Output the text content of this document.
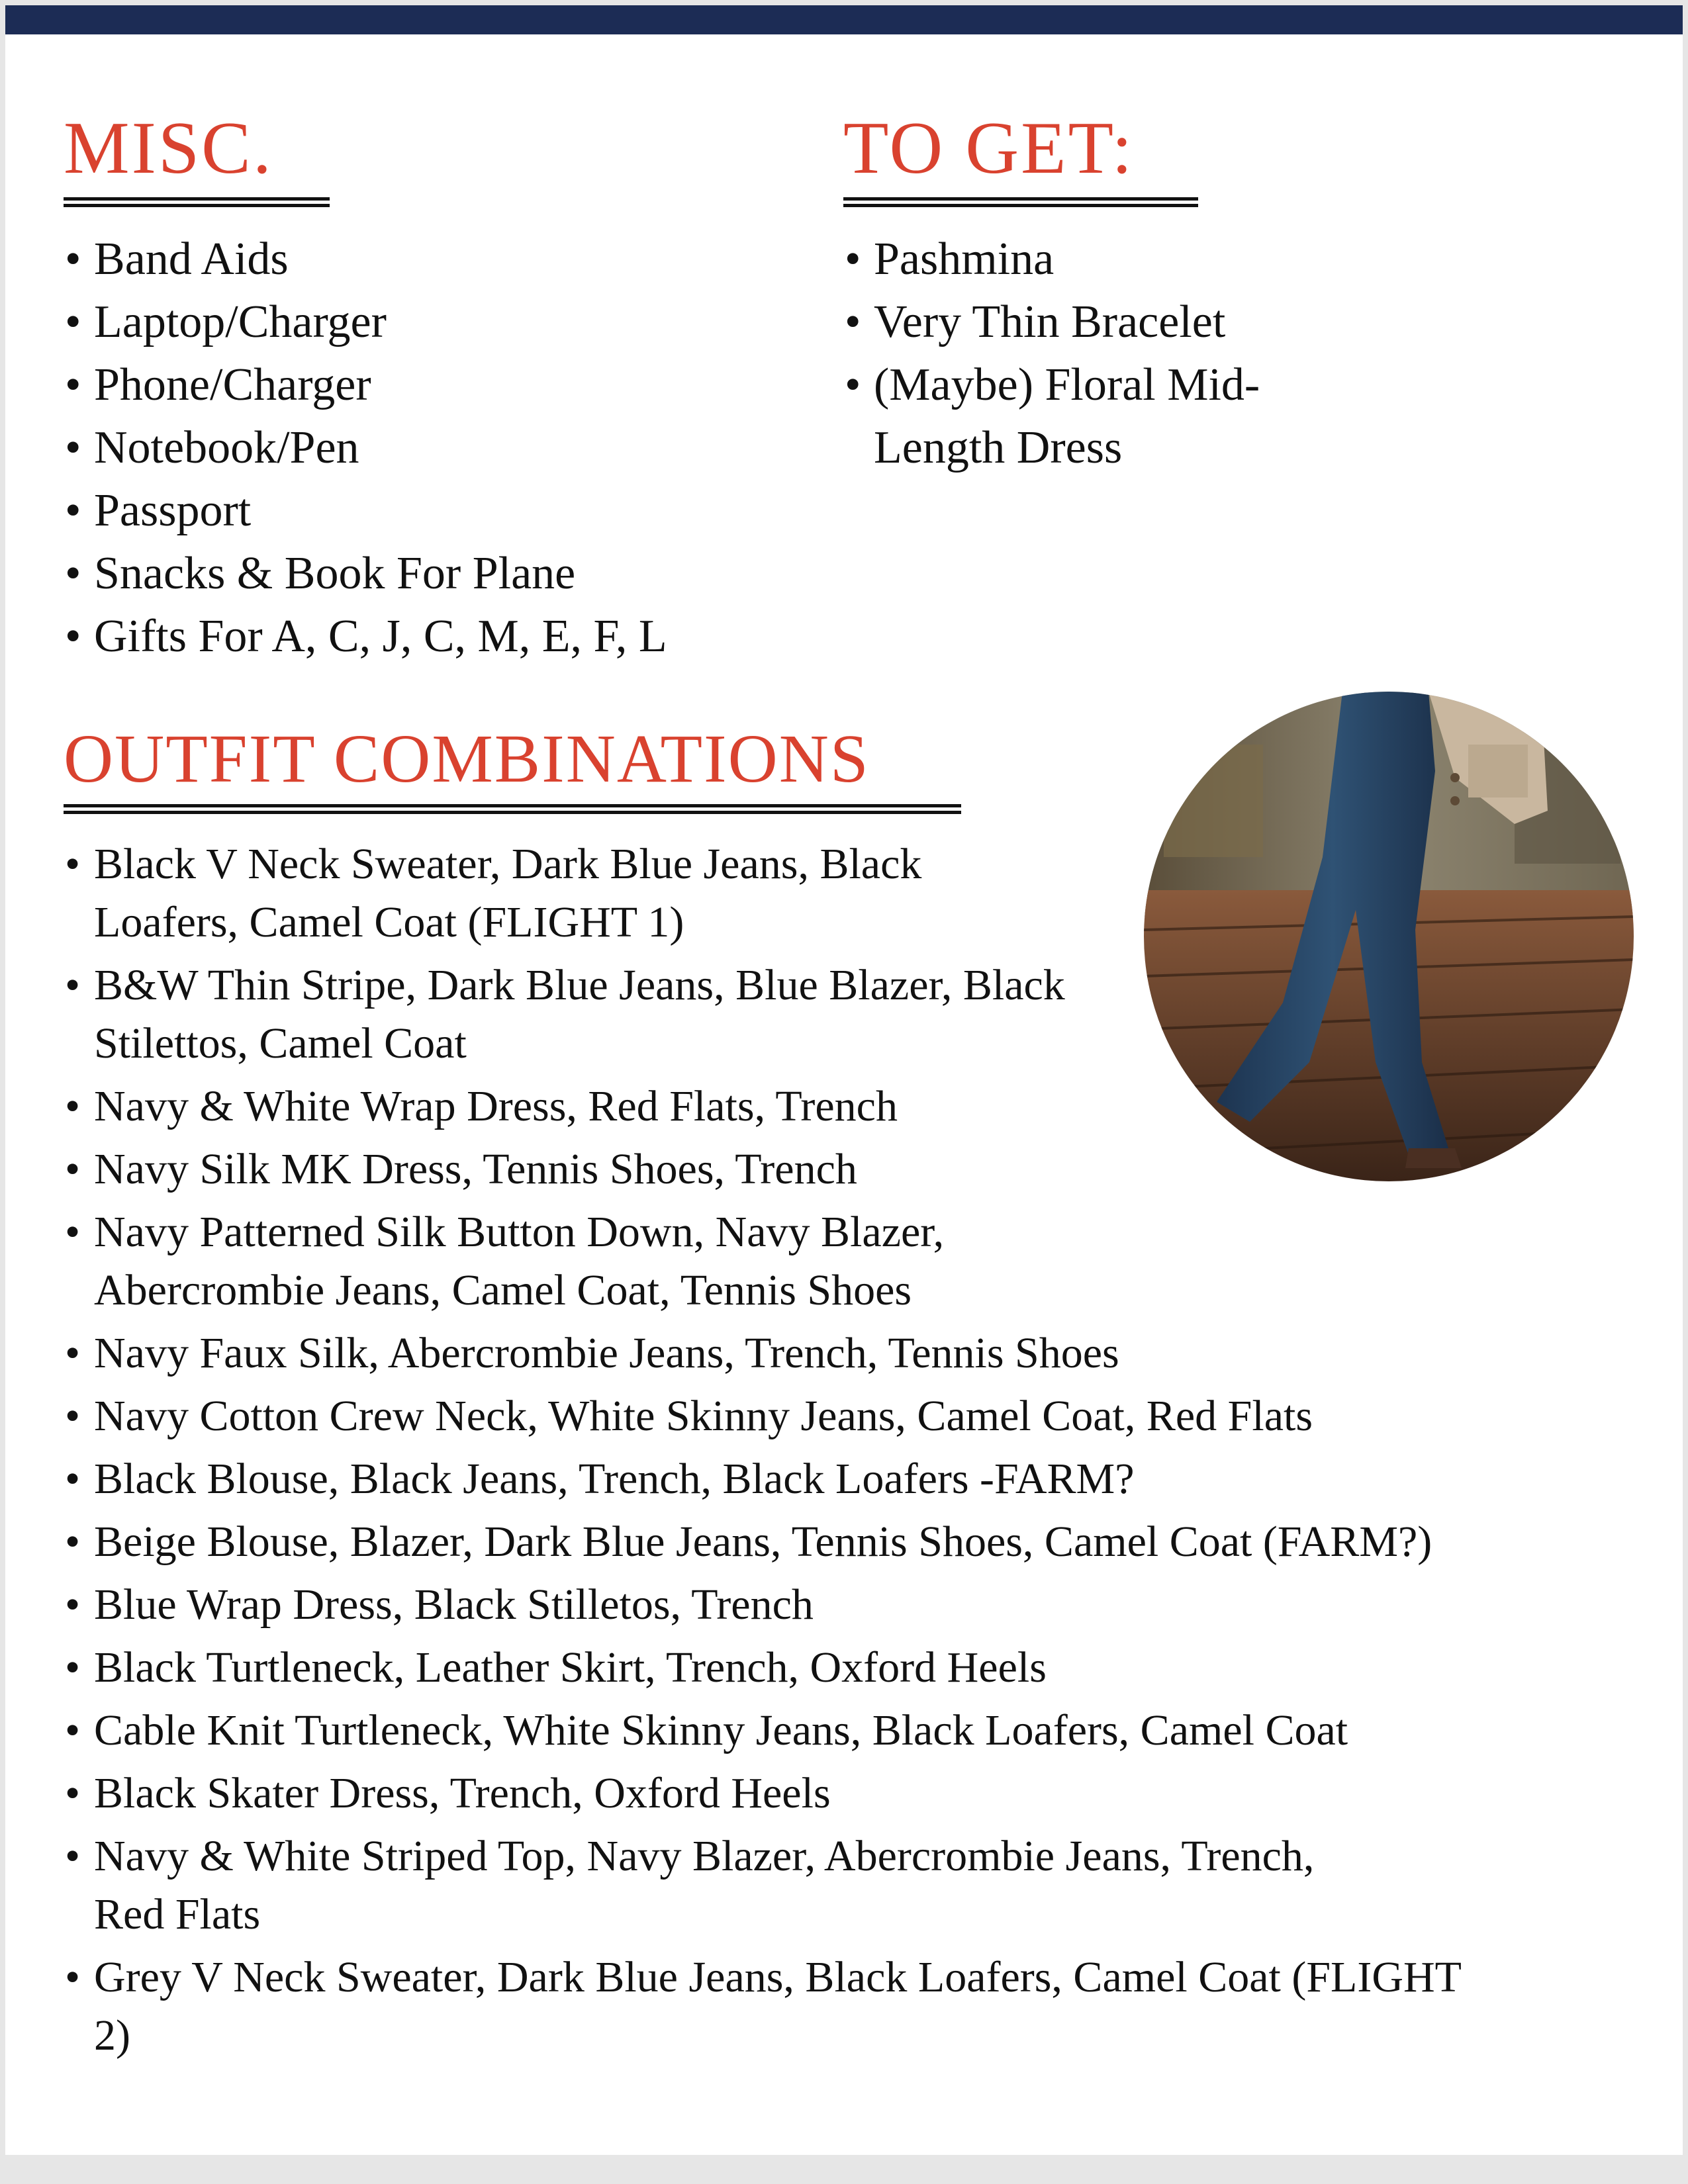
MISC.
• Band Aids
• Laptop/Charger
• Phone/Charger
• Notebook/Pen
• Passport
• Snacks & Book For Plane
• Gifts For A, C, J, C, M, E, F, L
TO GET:
• Pashmina
• Very Thin Bracelet
• (Maybe) Floral Mid-Length Dress
OUTFIT COMBINATIONS
• Black V Neck Sweater, Dark Blue Jeans, Black Loafers, Camel Coat (FLIGHT 1)
• B&W Thin Stripe, Dark Blue Jeans, Blue Blazer, Black Stilettos, Camel Coat
• Navy & White Wrap Dress, Red Flats, Trench
• Navy Silk MK Dress, Tennis Shoes, Trench
• Navy Patterned Silk Button Down, Navy Blazer, Abercrombie Jeans, Camel Coat, Tennis Shoes
• Navy Faux Silk, Abercrombie Jeans, Trench, Tennis Shoes
• Navy Cotton Crew Neck, White Skinny Jeans, Camel Coat, Red Flats
• Black Blouse, Black Jeans, Trench, Black Loafers -FARM?
• Beige Blouse, Blazer, Dark Blue Jeans, Tennis Shoes, Camel Coat (FARM?)
• Blue Wrap Dress, Black Stilletos, Trench
• Black Turtleneck, Leather Skirt, Trench, Oxford Heels
• Cable Knit Turtleneck, White Skinny Jeans, Black Loafers, Camel Coat
• Black Skater Dress, Trench, Oxford Heels
• Navy & White Striped Top, Navy Blazer, Abercrombie Jeans, Trench, Red Flats
• Grey V Neck Sweater, Dark Blue Jeans, Black Loafers, Camel Coat (FLIGHT 2)
